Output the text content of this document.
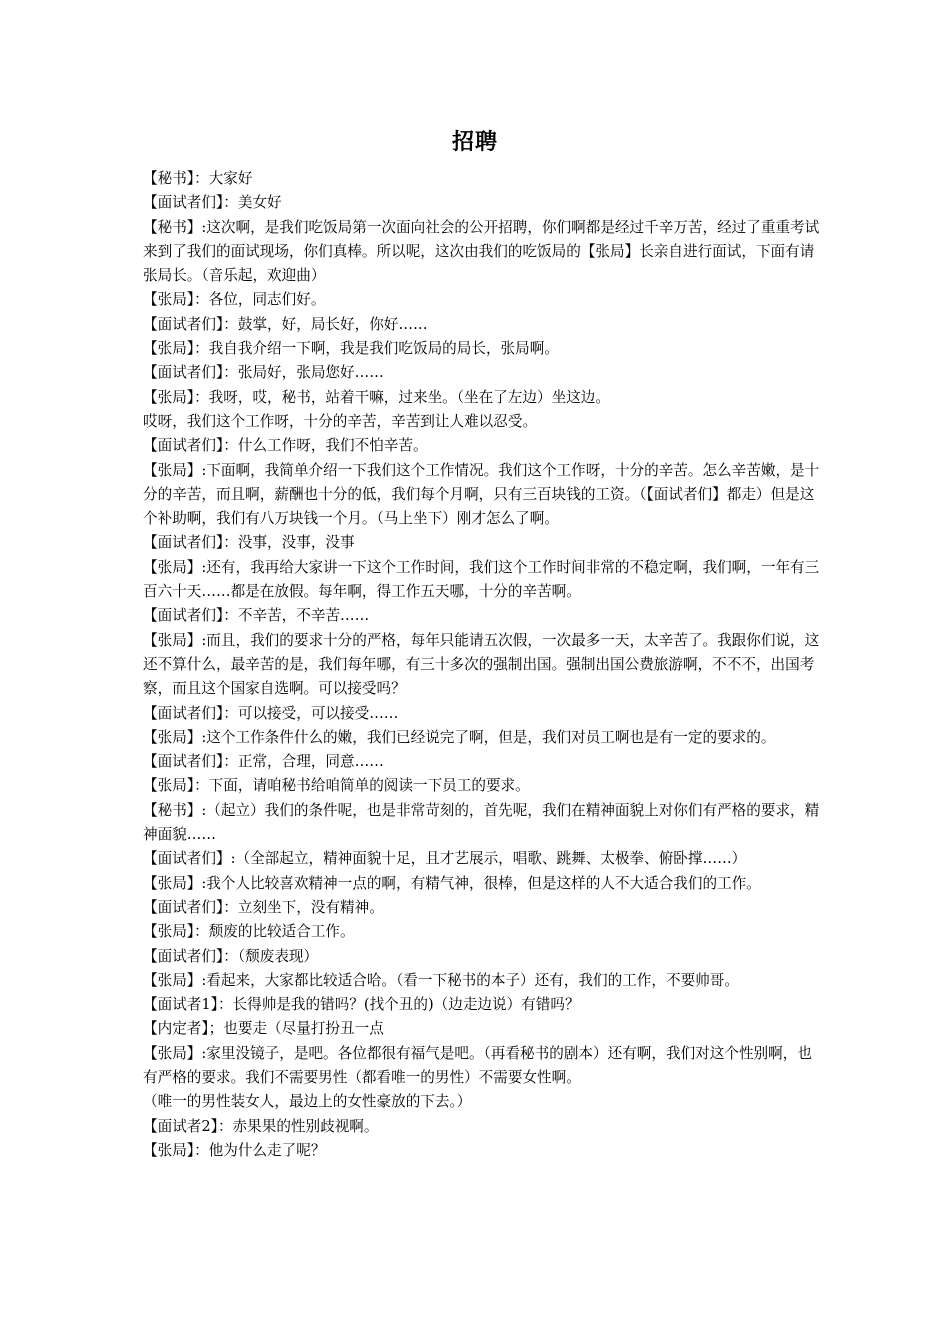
招聘

【秘书】：大家好

【面试者们】：美女好

【秘书】:这次啊，是我们吃饭局第一次面向社会的公开招聘，你们啊都是经过千辛万苦，经过了重重考试来到了我们的面试现场，你们真棒。所以呢，这次由我们的吃饭局的【张局】长亲自进行面试，下面有请张局长。（音乐起，欢迎曲）

【张局】：各位，同志们好。

【面试者们】：鼓掌，好，局长好，你好……

【张局】：我自我介绍一下啊，我是我们吃饭局的局长，张局啊。

【面试者们】：张局好，张局您好……

【张局】：我呀，哎，秘书，站着干嘛，过来坐。（坐在了左边）坐这边。

哎呀，我们这个工作呀，十分的辛苦，辛苦到让人难以忍受。

【面试者们】：什么工作呀，我们不怕辛苦。

【张局】:下面啊，我简单介绍一下我们这个工作情况。我们这个工作呀，十分的辛苦。怎么辛苦嫩，是十分的辛苦，而且啊，薪酬也十分的低，我们每个月啊，只有三百块钱的工资。（【面试者们】都走）但是这个补助啊，我们有八万块钱一个月。（马上坐下）刚才怎么了啊。

【面试者们】：没事，没事，没事

【张局】:还有，我再给大家讲一下这个工作时间，我们这个工作时间非常的不稳定啊，我们啊，一年有三百六十天……都是在放假。每年啊，得工作五天哪，十分的辛苦啊。

【面试者们】：不辛苦，不辛苦……

【张局】:而且，我们的要求十分的严格，每年只能请五次假，一次最多一天，太辛苦了。我跟你们说，这还不算什么，最辛苦的是，我们每年哪，有三十多次的强制出国。强制出国公费旅游啊，不不不，出国考察，而且这个国家自选啊。可以接受吗？

【面试者们】：可以接受，可以接受……

【张局】:这个工作条件什么的嫩，我们已经说完了啊，但是，我们对员工啊也是有一定的要求的。

【面试者们】：正常，合理，同意……

【张局】：下面，请咱秘书给咱简单的阅读一下员工的要求。

【秘书】:（起立）我们的条件呢，也是非常苛刻的，首先呢，我们在精神面貌上对你们有严格的要求，精神面貌……

【面试者们】:（全部起立，精神面貌十足，且才艺展示，唱歌、跳舞、太极拳、俯卧撑……）

【张局】:我个人比较喜欢精神一点的啊，有精气神，很棒，但是这样的人不大适合我们的工作。

【面试者们】：立刻坐下，没有精神。

【张局】：颓废的比较适合工作。

【面试者们】：（颓废表现）

【张局】:看起来，大家都比较适合哈。（看一下秘书的本子）还有，我们的工作，不要帅哥。

【面试者1】：长得帅是我的错吗？(找个丑的)（边走边说）有错吗？

【内定者】；也要走（尽量打扮丑一点

【张局】:家里没镜子，是吧。各位都很有福气是吧。（再看秘书的剧本）还有啊，我们对这个性别啊，也有严格的要求。我们不需要男性（都看唯一的男性）不需要女性啊。

（唯一的男性装女人，最边上的女性豪放的下去。）

【面试者2】：赤果果的性别歧视啊。

【张局】：他为什么走了呢？
